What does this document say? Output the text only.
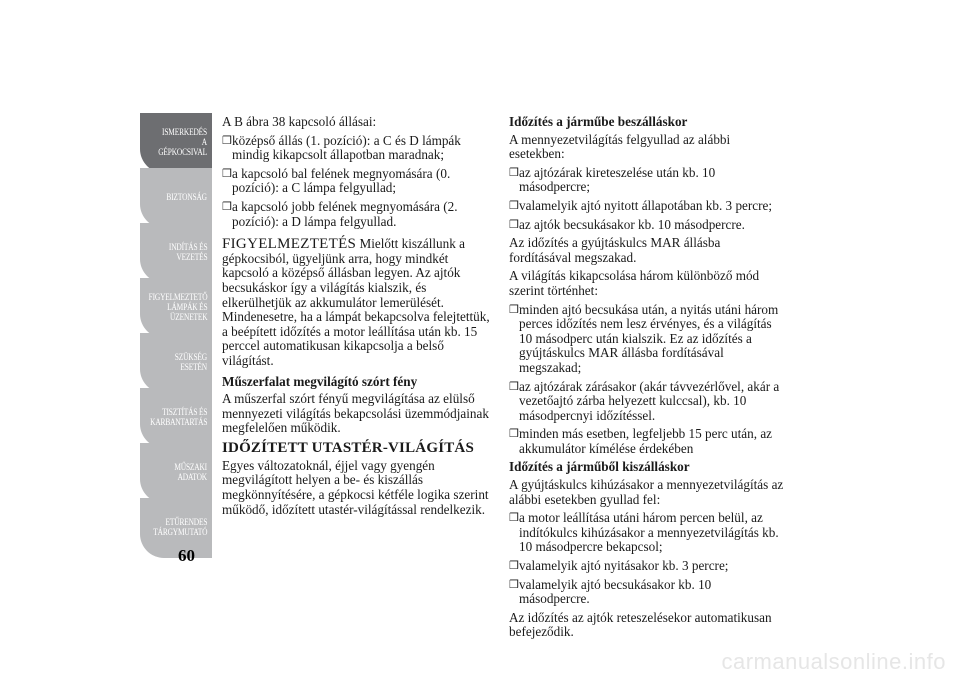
ISMERKEDÉS A
GÉPKOCSIVAL
BIZTONSÁG
INDÍTÁS ÉS
VEZETÉS
FIGYELMEZTETŐ
LÁMPÁK ÉS
ÜZENETEK
SZÜKSÉG ESETÉN
TISZTÍTÁS ÉS
KARBANTARTÁS
MŰSZAKI ADATOK
ETŰRENDES
TÁRGYMUTATÓ
60

A B ábra 38 kapcsoló állásai:

❒ középső állás (1. pozíció): a C és D lámpák mindig kikapcsolt állapotban maradnak;
❒ a kapcsoló bal felének megnyomására (0. pozíció): a C lámpa felgyullad;
❒ a kapcsoló jobb felének megnyomására (2. pozíció): a D lámpa felgyullad.

FIGYELMEZTETÉS Mielőtt kiszállunk a gépkocsiból, ügyeljünk arra, hogy mindkét kapcsoló a középső állásban legyen. Az ajtók becsukáskor így a világítás kialszik, és elkerülhetjük az akkumulátor lemerülését. Mindenesetre, ha a lámpát bekapcsolva felejtettük, a beépített időzítés a motor leállítása után kb. 15 perccel automatikusan kikapcsolja a belső világítást.

Műszerfalat megvilágító szórt fény

A műszerfal szórt fényű megvilágítása az elülső mennyezeti világítás bekapcsolási üzemmódjainak megfelelően működik.

IDŐZÍTETT UTASTÉR-VILÁGÍTÁS

Egyes változatoknál, éjjel vagy gyengén megvilágított helyen a be- és kiszállás megkönnyítésére, a gépkocsi kétféle logika szerint működő, időzített utastér-világítással rendelkezik.

Időzítés a járműbe beszálláskor

A mennyezetvilágítás felgyullad az alábbi esetekben:

❒ az ajtózárak kireteszelése után kb. 10 másodpercre;
❒ valamelyik ajtó nyitott állapotában kb. 3 percre;
❒ az ajtók becsukásakor kb. 10 másodpercre.

Az időzítés a gyújtáskulcs MAR állásba fordításával megszakad.

A világítás kikapcsolása három különböző mód szerint történhet:

❒ minden ajtó becsukása után, a nyitás utáni három perces időzítés nem lesz érvényes, és a világítás 10 másodperc után kialszik. Ez az időzítés a gyújtáskulcs MAR állásba fordításával megszakad;
❒ az ajtózárak zárásakor (akár távvezérlővel, akár a vezetőajtó zárba helyezett kulccsal), kb. 10 másodpercnyi időzítéssel.
❒ minden más esetben, legfeljebb 15 perc után, az akkumulátor kímélése érdekében

Időzítés a járműből kiszálláskor

A gyújtáskulcs kihúzásakor a mennyezetvilágítás az alábbi esetekben gyullad fel:

❒ a motor leállítása utáni három percen belül, az indítókulcs kihúzásakor a mennyezetvilágítás kb. 10 másodpercre bekapcsol;
❒ valamelyik ajtó nyitásakor kb. 3 percre;
❒ valamelyik ajtó becsukásakor kb. 10 másodpercre.

Az időzítés az ajtók reteszelésekor automatikusan befejeződik.

carmanualsonline.info
